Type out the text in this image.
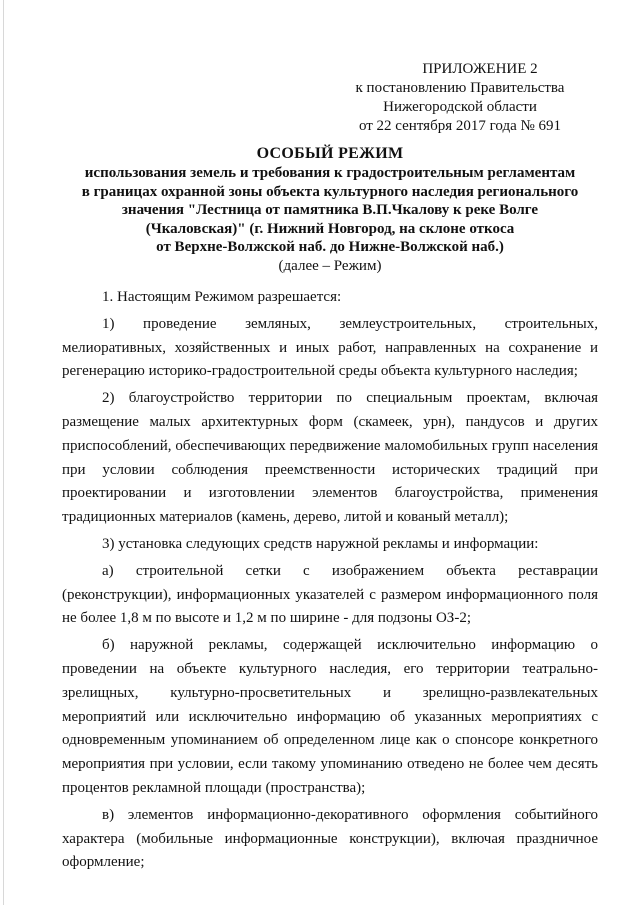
ПРИЛОЖЕНИЕ 2
к постановлению Правительства
Нижегородской области
от 22 сентября 2017 года № 691
ОСОБЫЙ РЕЖИМ
использования земель и требования к градостроительным регламентам
в границах охранной зоны объекта культурного наследия регионального
значения "Лестница от памятника В.П.Чкалову к реке Волге
(Чкаловская)" (г. Нижний Новгород, на склоне откоса
от Верхне-Волжской наб. до Нижне-Волжской наб.)
(далее – Режим)

1. Настоящим Режимом разрешается:

1) проведение земляных, землеустроительных, строительных, мелиоративных, хозяйственных и иных работ, направленных на сохранение и регенерацию историко-градостроительной среды объекта культурного наследия;

2) благоустройство территории по специальным проектам, включая размещение малых архитектурных форм (скамеек, урн), пандусов и других приспособлений, обеспечивающих передвижение маломобильных групп населения при условии соблюдения преемственности исторических традиций при проектировании и изготовлении элементов благоустройства, применения традиционных материалов (камень, дерево, литой и кованый металл);

3) установка следующих средств наружной рекламы и информации:

а) строительной сетки с изображением объекта реставрации (реконструкции), информационных указателей с размером информационного поля не более 1,8 м по высоте и 1,2 м по ширине - для подзоны ОЗ-2;

б) наружной рекламы, содержащей исключительно информацию о проведении на объекте культурного наследия, его территории театрально-зрелищных, культурно-просветительных и зрелищно-развлекательных мероприятий или исключительно информацию об указанных мероприятиях с одновременным упоминанием об определенном лице как о спонсоре конкретного мероприятия при условии, если такому упоминанию отведено не более чем десять процентов рекламной площади (пространства);

в) элементов информационно-декоративного оформления событийного характера (мобильные информационные конструкции), включая праздничное оформление;
